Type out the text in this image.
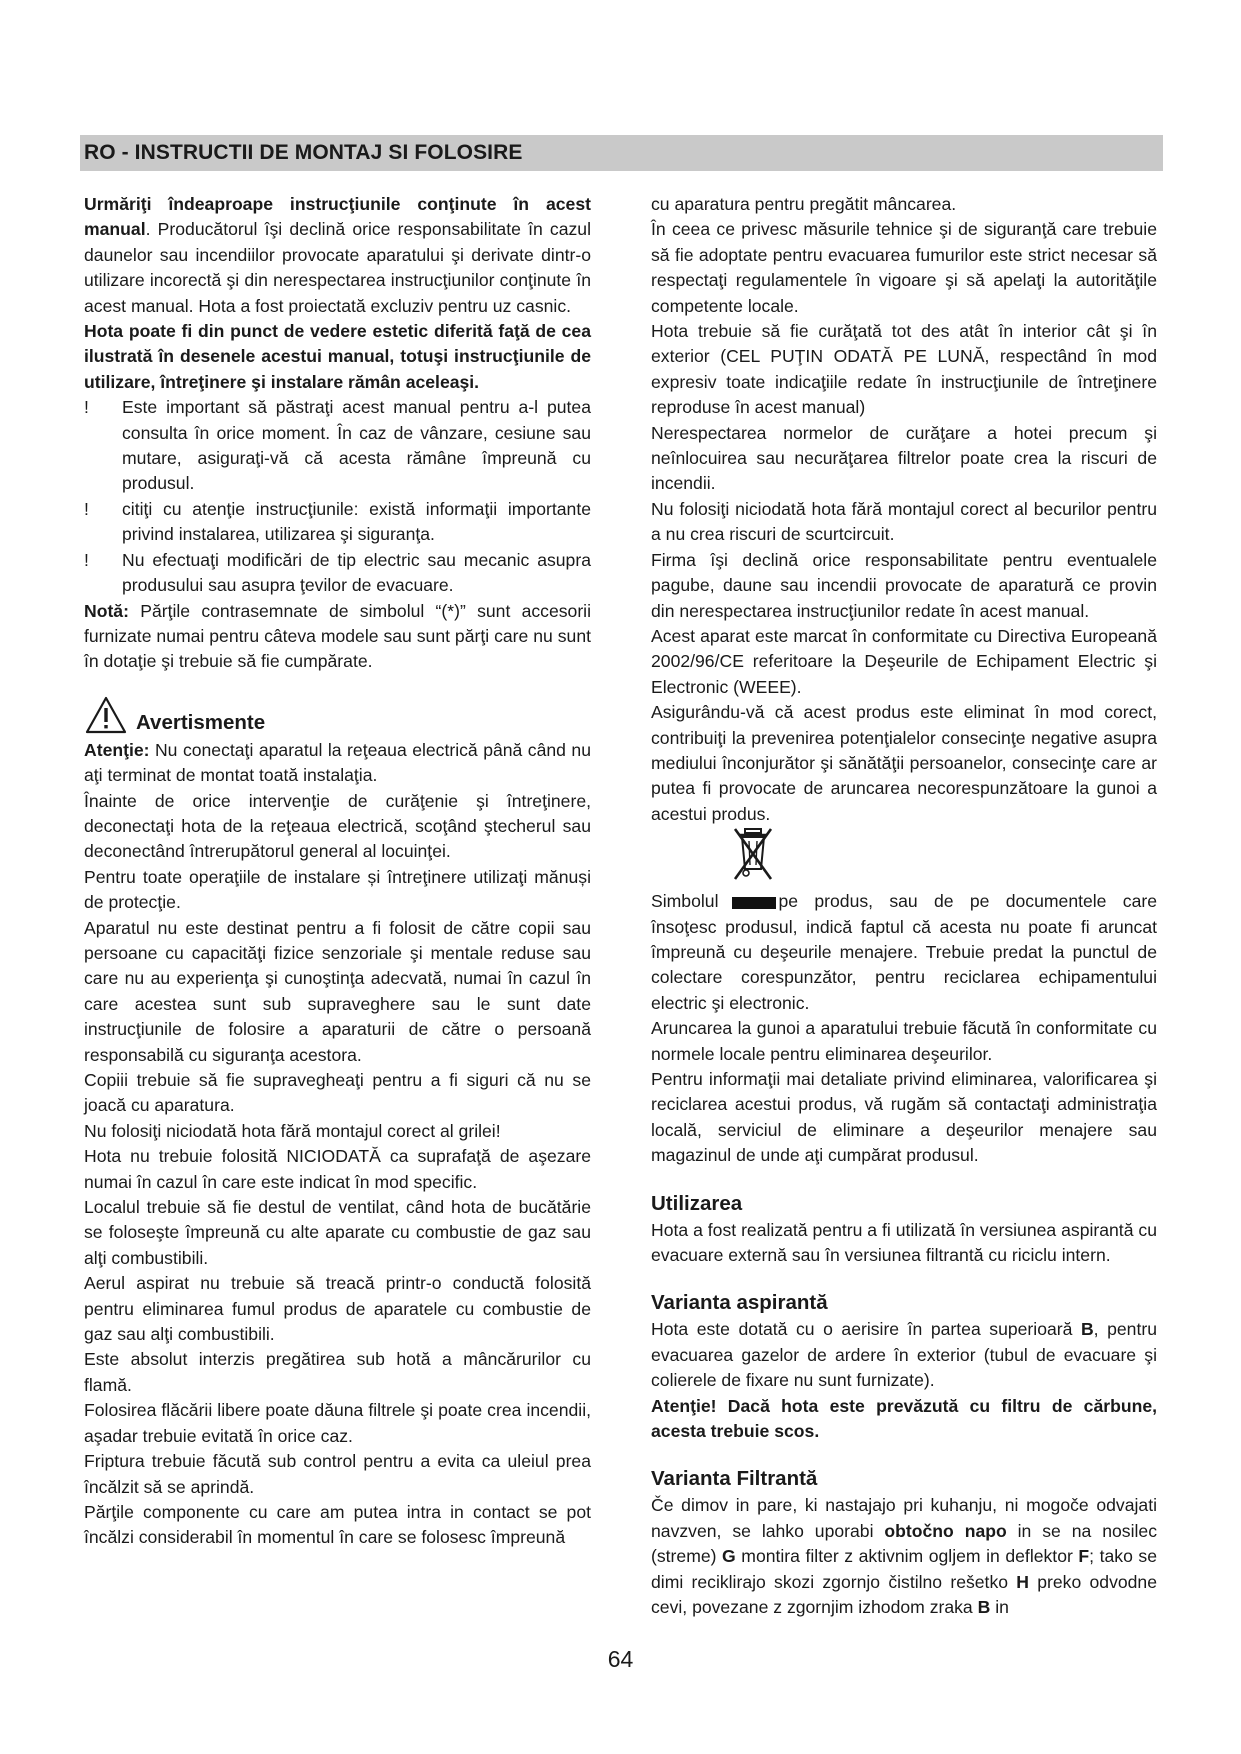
RO - INSTRUCTII DE MONTAJ SI FOLOSIRE

Urmăriţi îndeaproape instrucţiunile conţinute în acest manual. Producătorul îşi declină orice responsabilitate în cazul daunelor sau incendiilor provocate aparatului şi derivate dintr-o utilizare incorectă şi din nerespectarea instrucţiunilor conţinute în acest manual. Hota a fost proiectată excluziv pentru uz casnic.

Hota poate fi din punct de vedere estetic diferită faţă de cea ilustrată în desenele acestui manual, totuşi instrucţiunile de utilizare, întreţinere şi instalare rămân aceleaşi.

!	Este important să păstraţi acest manual pentru a-l putea consulta în orice moment. În caz de vânzare, cesiune sau mutare, asiguraţi-vă că acesta rămâne împreună cu produsul.
!	citiţi cu atenţie instrucţiunile: există informaţii importante privind instalarea, utilizarea şi siguranţa.
!	Nu efectuaţi modificări de tip electric sau mecanic asupra produsului sau asupra ţevilor de evacuare.

Notă: Părţile contrasemnate de simbolul “(*)” sunt accesorii furnizate numai pentru câteva modele sau sunt părţi care nu sunt în dotaţie şi trebuie să fie cumpărate.

Avertismente

Atenţie: Nu conectaţi aparatul la reţeaua electrică până când nu aţi terminat de montat toată instalaţia.

Înainte de orice intervenţie de curăţenie şi întreţinere, deconectaţi hota de la reţeaua electrică, scoţând ştecherul sau deconectând întrerupătorul general al locuinţei.

Pentru toate operaţiile de instalare și întreţinere utilizaţi mănuși de protecţie.

Aparatul nu este destinat pentru a fi folosit de către copii sau persoane cu capacităţi fizice senzoriale şi mentale reduse sau care nu au experienţa şi cunoştinţa adecvată, numai în cazul în care acestea sunt sub supraveghere sau le sunt date instrucţiunile de folosire a aparaturii de către o persoană responsabilă cu siguranţa acestora.

Copiii trebuie să fie supravegheaţi pentru a fi siguri că nu se joacă cu aparatura.

Nu folosiţi niciodată hota fără montajul corect al grilei!

Hota nu trebuie folosită NICIODATĂ ca suprafaţă de aşezare numai în cazul în care este indicat în mod specific.

Localul trebuie să fie destul de ventilat, când hota de bucătărie se foloseşte împreună cu alte aparate cu combustie de gaz sau alţi combustibili.

Aerul aspirat nu trebuie să treacă printr-o conductă folosită pentru eliminarea fumul produs de aparatele cu combustie de gaz sau alţi combustibili.

Este absolut interzis pregătirea sub hotă a mâncărurilor cu flamă.

Folosirea flăcării libere poate dăuna filtrele şi poate crea incendii, aşadar trebuie evitată în orice caz.

Friptura trebuie făcută sub control pentru a evita ca uleiul prea încălzit să se aprindă.

Părţile componente cu care am putea intra in contact se pot încălzi considerabil în momentul în care se folosesc împreună

cu aparatura pentru pregătit mâncarea.

În ceea ce privesc măsurile tehnice şi de siguranţă care trebuie să fie adoptate pentru evacuarea fumurilor este strict necesar să respectaţi regulamentele în vigoare şi să apelaţi la autorităţile competente locale.

Hota trebuie să fie curăţată tot des atât în interior cât şi în exterior (CEL PUŢIN ODATĂ PE LUNĂ, respectând în mod expresiv toate indicaţiile redate în instrucţiunile de întreţinere reproduse în acest manual)

Nerespectarea normelor de curăţare a hotei precum şi neînlocuirea sau necurăţarea filtrelor poate crea la riscuri de incendii.

Nu folosiţi niciodată hota fără montajul corect al becurilor pentru a nu crea riscuri de scurtcircuit.

Firma îşi declină orice responsabilitate pentru eventualele pagube, daune sau incendii provocate de aparatură ce provin din nerespectarea instrucţiunilor redate în acest manual.

Acest aparat este marcat în conformitate cu Directiva Europeană 2002/96/CE referitoare la Deşeurile de Echipament Electric şi Electronic (WEEE).

Asigurându-vă că acest produs este eliminat în mod corect, contribuiţi la prevenirea potenţialelor consecinţe negative asupra mediului înconjurător şi sănătăţii persoanelor, consecinţe care ar putea fi provocate de aruncarea necorespunzătoare la gunoi a acestui produs.

Simbolul	pe produs, sau de pe documentele care însoţesc produsul, indică faptul că acesta nu poate fi aruncat împreună cu deşeurile menajere. Trebuie predat la punctul de colectare corespunzător, pentru reciclarea echipamentului electric şi electronic.

Aruncarea la gunoi a aparatului trebuie făcută în conformitate cu normele locale pentru eliminarea deşeurilor.

Pentru informaţii mai detaliate privind eliminarea, valorificarea şi reciclarea acestui produs, vă rugăm să contactaţi administraţia locală, serviciul de eliminare a deşeurilor menajere sau magazinul de unde aţi cumpărat produsul.

Utilizarea

Hota a fost realizată pentru a fi utilizată în versiunea aspirantă cu evacuare externă sau în versiunea filtrantă cu riciclu intern.

Varianta aspirantă

Hota este dotată cu o aerisire în partea superioară B, pentru evacuarea gazelor de ardere în exterior (tubul de evacuare şi colierele de fixare nu sunt furnizate).

Atenţie! Dacă hota este prevăzută cu filtru de cărbune, acesta trebuie scos.

Varianta Filtrantă

Če dimov in pare, ki nastajajo pri kuhanju, ni mogoče odvajati navzven, se lahko uporabi obtočno napo in se na nosilec (streme) G montira filter z aktivnim ogljem in deflektor F; tako se dimi reciklirajo skozi zgornjo čistilno rešetko H preko odvodne cevi, povezane z zgornjim izhodom zraka B in

64
